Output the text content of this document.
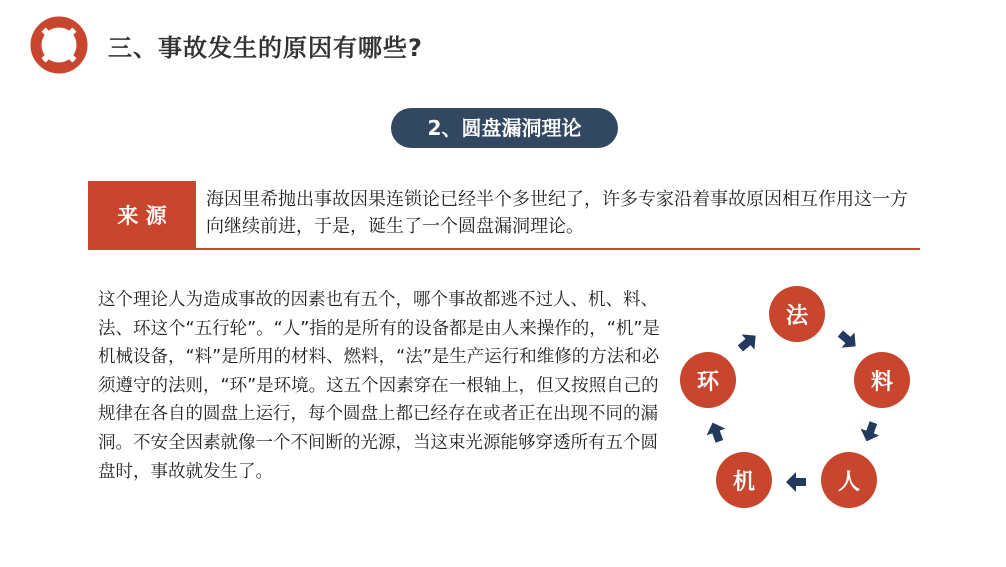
三、事故发生的原因有哪些?
2、圆盘漏洞理论
来 源
海因里希抛出事故因果连锁论已经半个多世纪了，许多专家沿着事故原因相互作用这一方向继续前进，于是，诞生了一个圆盘漏洞理论。
这个理论人为造成事故的因素也有五个，哪个事故都逃不过人、机、料、法、环这个“五行轮”。“人”指的是所有的设备都是由人来操作的，“机”是机械设备，“料”是所用的材料、燃料，“法”是生产运行和维修的方法和必须遵守的法则，“环”是环境。这五个因素穿在一根轴上，但又按照自己的规律在各自的圆盘上运行，每个圆盘上都已经存在或者正在出现不同的漏洞。不安全因素就像一个不间断的光源，当这束光源能够穿透所有五个圆盘时，事故就发生了。
法
料
人
机
环
